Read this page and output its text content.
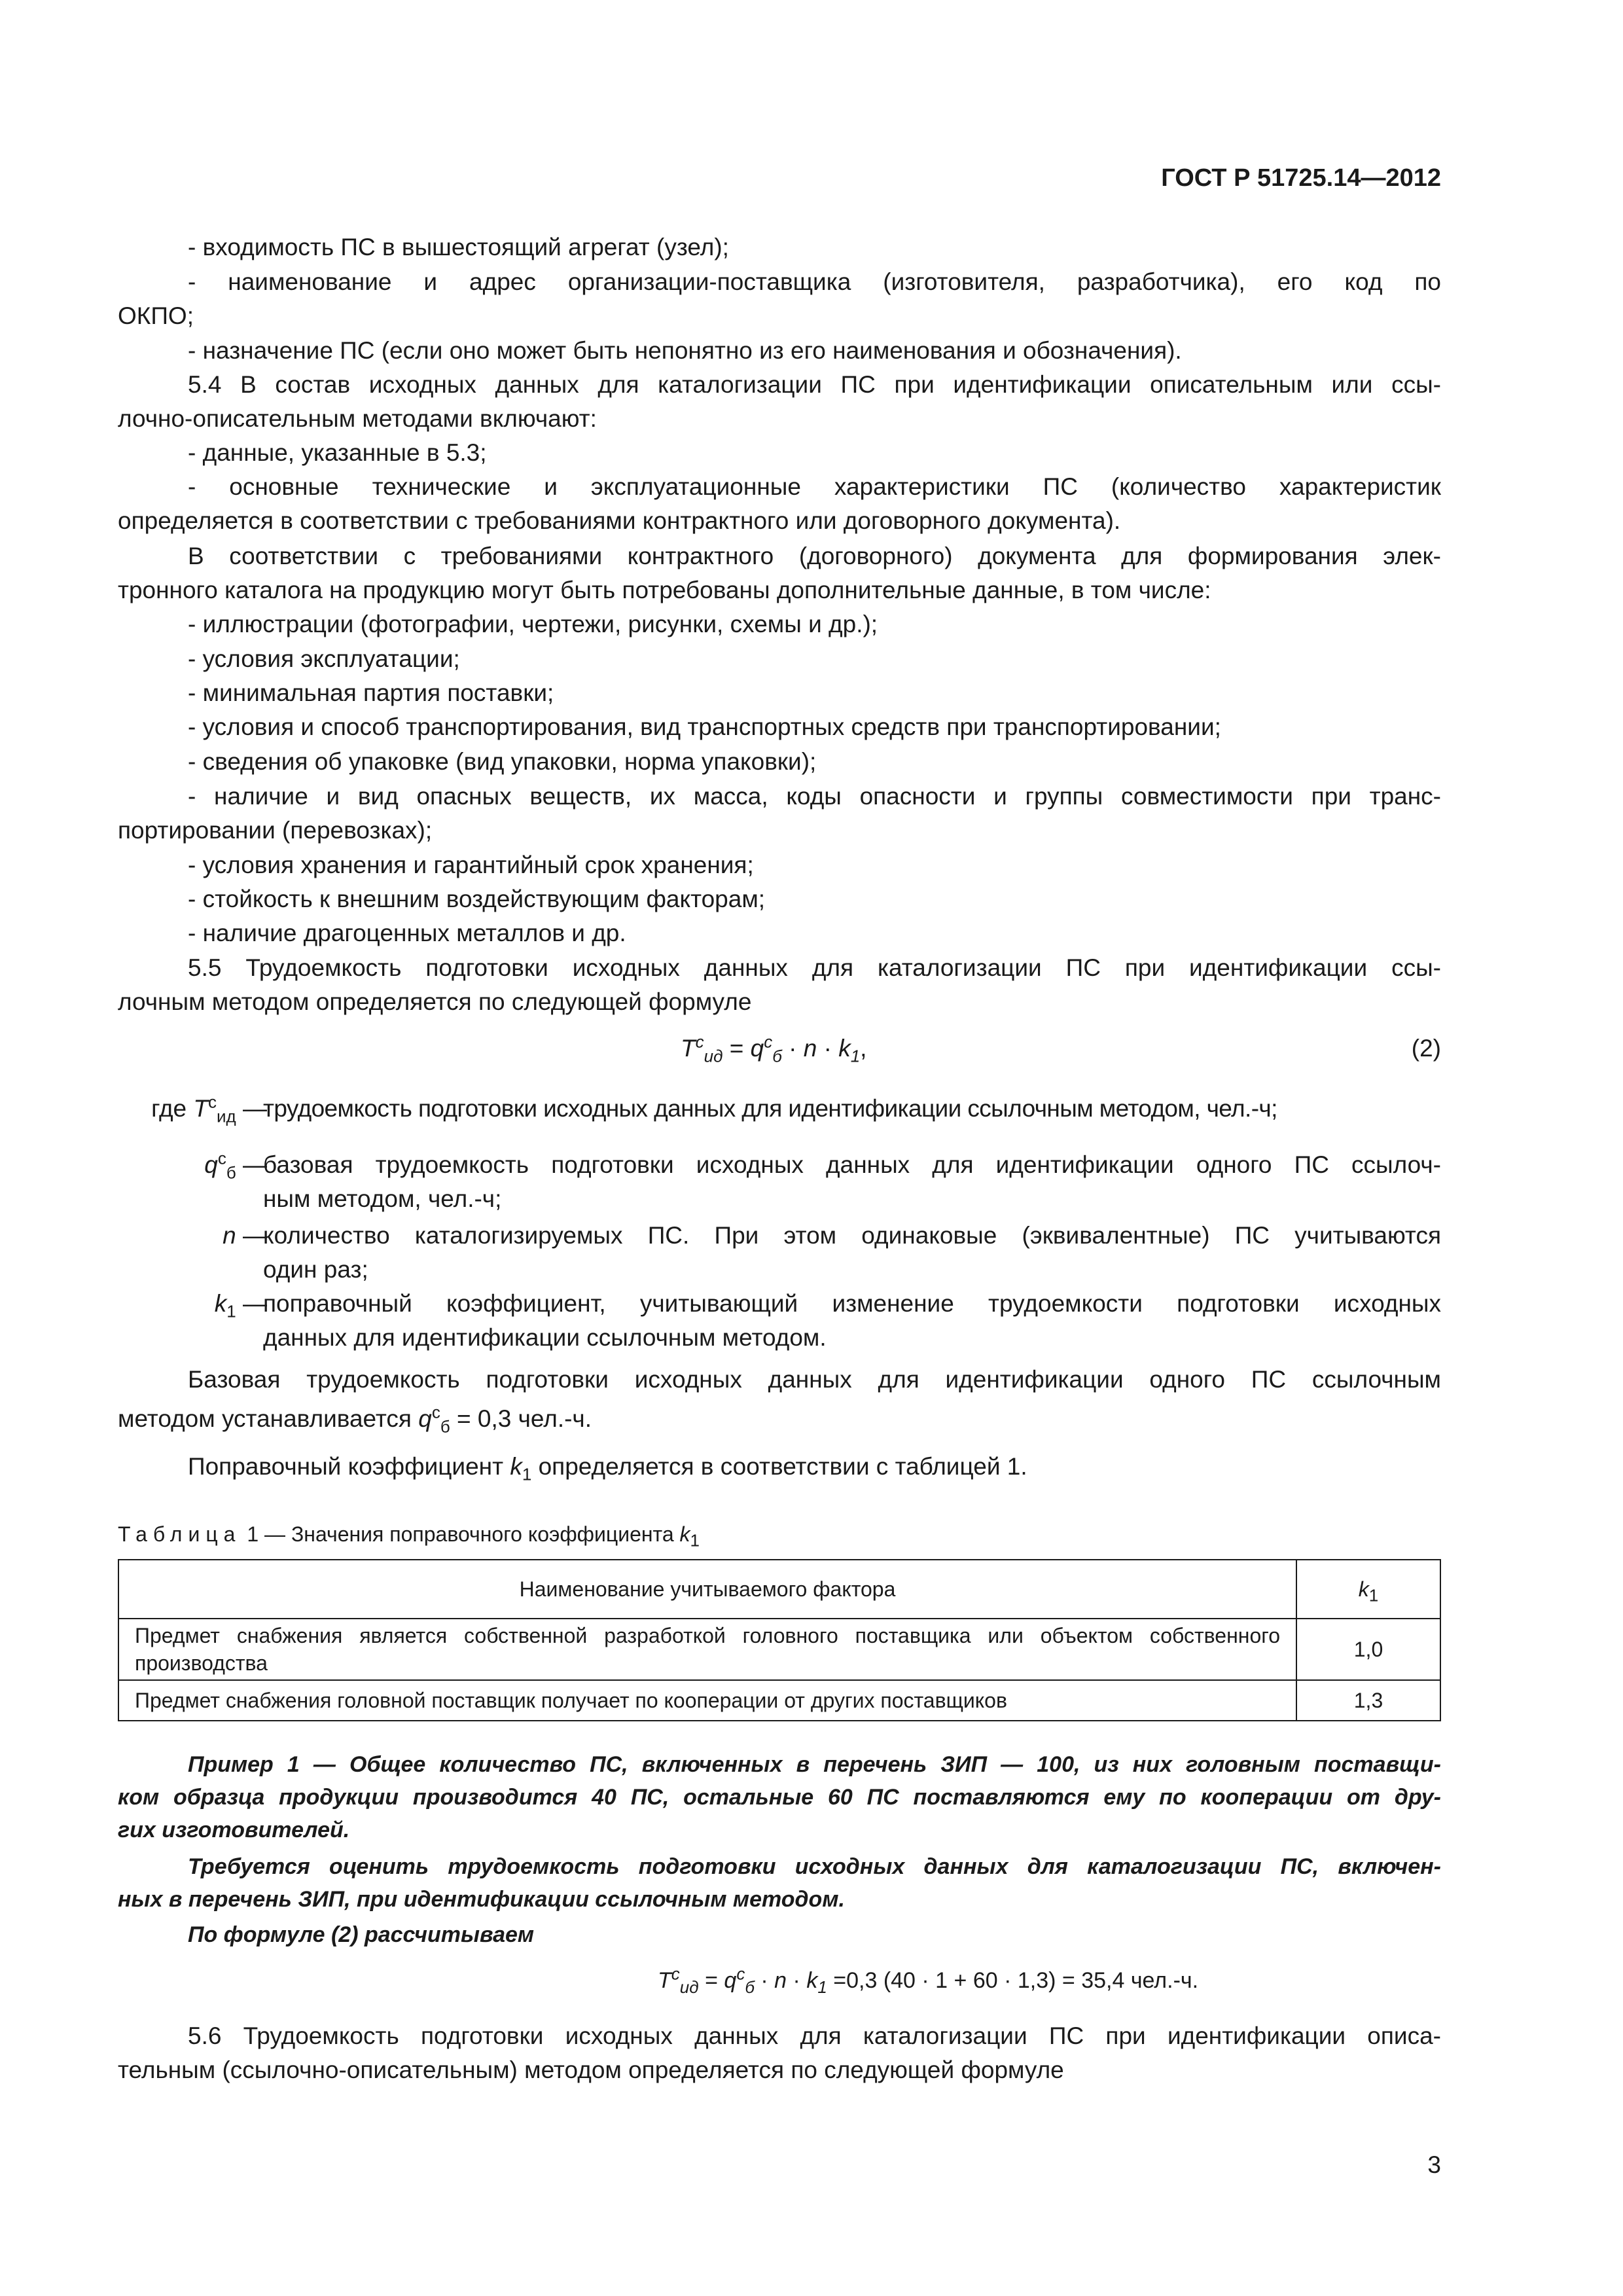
ГОСТ Р 51725.14—2012
- входимость ПС в вышестоящий агрегат (узел);
- наименование и адрес организации-поставщика (изготовителя, разработчика), его код по
ОКПО;
- назначение ПС (если оно может быть непонятно из его наименования и обозначения).
5.4 В состав исходных данных для каталогизации ПС при идентификации описательным или ссы-
лочно-описательным методами включают:
- данные, указанные в 5.3;
- основные технические и эксплуатационные характеристики ПС (количество характеристик
определяется в соответствии с требованиями контрактного или договорного документа).
В соответствии с требованиями контрактного (договорного) документа для формирования элек-
тронного каталога на продукцию могут быть потребованы дополнительные данные, в том числе:
- иллюстрации (фотографии, чертежи, рисунки, схемы и др.);
- условия эксплуатации;
- минимальная партия поставки;
- условия и способ транспортирования, вид транспортных средств при транспортировании;
- сведения об упаковке (вид упаковки, норма упаковки);
- наличие и вид опасных веществ, их масса, коды опасности и группы совместимости при транс-
портировании (перевозках);
- условия хранения и гарантийный срок хранения;
- стойкость к внешним воздействующим факторам;
- наличие драгоценных металлов и др.
5.5 Трудоемкость подготовки исходных данных для каталогизации ПС при идентификации ссы-
лочным методом определяется по следующей формуле
$T^с_{ид} = q^с_б \cdot n \cdot k_1$,	(2)
где $T^с_{ид}$ —
трудоемкость подготовки исходных данных для идентификации ссылочным методом, чел.-ч;
$q^с_б$ —
базовая трудоемкость подготовки исходных данных для идентификации одного ПС ссылоч-
ным методом, чел.-ч;
n —
количество каталогизируемых ПС. При этом одинаковые (эквивалентные) ПС учитываются
один раз;
$k_1$ —
поправочный коэффициент, учитывающий изменение трудоемкости подготовки исходных
данных для идентификации ссылочным методом.
Базовая трудоемкость подготовки исходных данных для идентификации одного ПС ссылочным
методом устанавливается $q^с_б = 0,3$ чел.-ч.
Поправочный коэффициент $k_1$ определяется в соответствии с таблицей 1.
Таблица 1 — Значения поправочного коэффициента $k_1$
Наименование учитываемого фактора	$k_1$
Предмет снабжения является собственной разработкой головного поставщика или объектом собственного производства	1,0
Предмет снабжения головной поставщик получает по кооперации от других поставщиков	1,3
Пример 1 — Общее количество ПС, включенных в перечень ЗИП — 100, из них головным поставщи-
ком образца продукции производится 40 ПС, остальные 60 ПС поставляются ему по кооперации от дру-
гих изготовителей.
Требуется оценить трудоемкость подготовки исходных данных для каталогизации ПС, включен-
ных в перечень ЗИП, при идентификации ссылочным методом.
По формуле (2) рассчитываем
$T^с_{ид} = q^с_б \cdot n \cdot k_1 =0,3$ (40 · 1 + 60 · 1,3) = 35,4 чел.-ч.
5.6 Трудоемкость подготовки исходных данных для каталогизации ПС при идентификации описа-
тельным (ссылочно-описательным) методом определяется по следующей формуле
3
